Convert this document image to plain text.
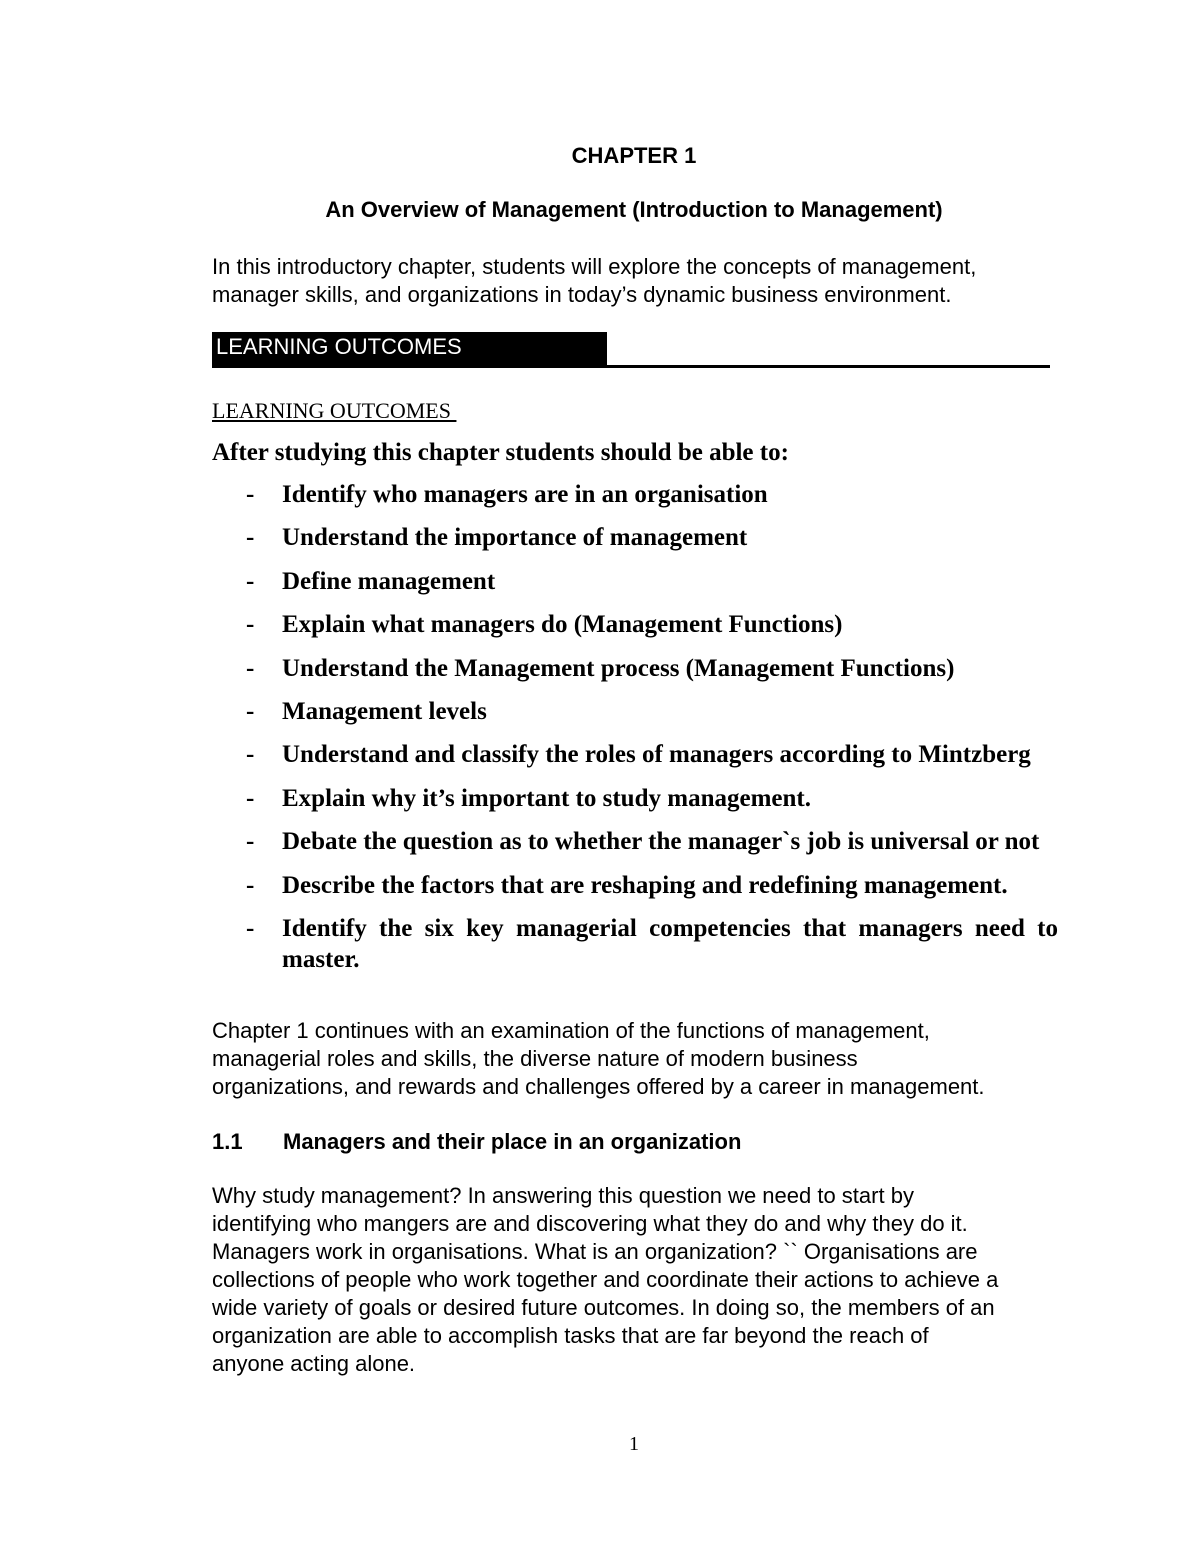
CHAPTER 1
An Overview of Management (Introduction to Management)

In this introductory chapter, students will explore the concepts of management,
manager skills, and organizations in today’s dynamic business environment.

LEARNING OUTCOMES

LEARNING OUTCOMES

After studying this chapter students should be able to:

- Identify who managers are in an organisation
- Understand the importance of management
- Define management
- Explain what managers do (Management Functions)
- Understand the Management process (Management Functions)
- Management levels
- Understand and classify the roles of managers according to Mintzberg
- Explain why it’s important to study management.
- Debate the question as to whether the manager`s job is universal or not
- Describe the factors that are reshaping and redefining management.
- Identify the six key managerial competencies that managers need to master.

Chapter 1 continues with an examination of the functions of management,
managerial roles and skills, the diverse nature of modern business
organizations, and rewards and challenges offered by a career in management.

1.1 Managers and their place in an organization

Why study management? In answering this question we need to start by
identifying who mangers are and discovering what they do and why they do it.
Managers work in organisations. What is an organization? `` Organisations are
collections of people who work together and coordinate their actions to achieve a
wide variety of goals or desired future outcomes. In doing so, the members of an
organization are able to accomplish tasks that are far beyond the reach of
anyone acting alone.

1
